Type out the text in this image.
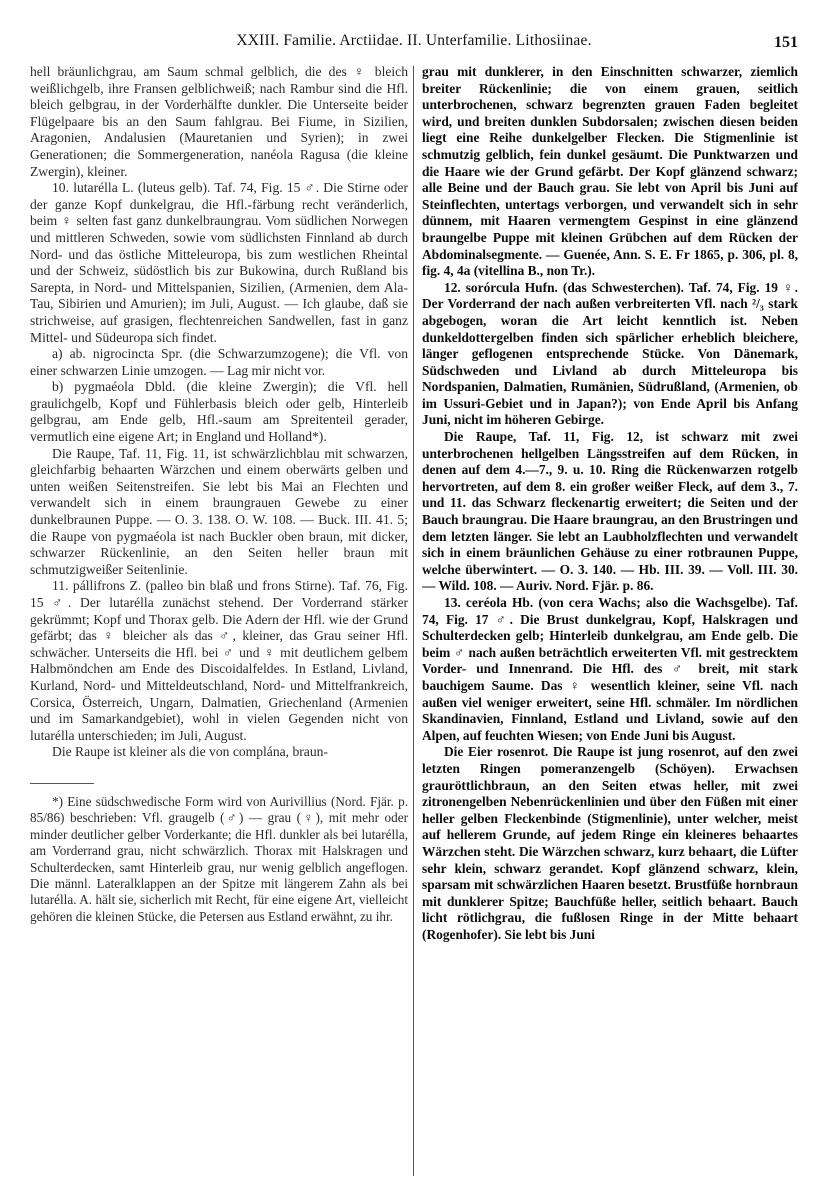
XXIII. Familie. Arctiidae. II. Unterfamilie. Lithosiinae.	151

hell bräunlichgrau, am Saum schmal gelblich, die des ♀ bleich weißlichgelb, ihre Fransen gelblichweiß; nach Rambur sind die Hfl. bleich gelbgrau, in der Vorderhälfte dunkler. Die Unterseite beider Flügelpaare bis an den Saum fahlgrau. Bei Fiume, in Sizilien, Aragonien, Andalusien (Mauretanien und Syrien); in zwei Generationen; die Sommergeneration, nanéola Ragusa (die kleine Zwergin), kleiner.

10. lutarélla L. (luteus gelb). Taf. 74, Fig. 15 ♂. Die Stirne oder der ganze Kopf dunkelgrau, die Hfl.-färbung recht veränderlich, beim ♀ selten fast ganz dunkelbraungrau. Vom südlichen Norwegen und mittleren Schweden, sowie vom südlichsten Finnland ab durch Nord- und das östliche Mitteleuropa, bis zum westlichen Rheintal und der Schweiz, südöstlich bis zur Bukowina, durch Rußland bis Sarepta, in Nord- und Mittelspanien, Sizilien, (Armenien, dem Ala-Tau, Sibirien und Amurien); im Juli, August. — Ich glaube, daß sie strichweise, auf grasigen, flechtenreichen Sandwellen, fast in ganz Mittel- und Südeuropa sich findet.

a) ab. nigrocincta Spr. (die Schwarzumzogene); die Vfl. von einer schwarzen Linie umzogen. — Lag mir nicht vor.

b) pygmaéola Dbld. (die kleine Zwergin); die Vfl. hell graulichgelb, Kopf und Fühlerbasis bleich oder gelb, Hinterleib gelbgrau, am Ende gelb, Hfl.-saum am Spreitenteil gerader, vermutlich eine eigene Art; in England und Holland*).

Die Raupe, Taf. 11, Fig. 11, ist schwärzlichblau mit schwarzen, gleichfarbig behaarten Wärzchen und einem oberwärts gelben und unten weißen Seitenstreifen. Sie lebt bis Mai an Flechten und verwandelt sich in einem braungrauen Gewebe zu einer dunkelbraunen Puppe. — O. 3. 138. O. W. 108. — Buck. III. 41. 5; die Raupe von pygmaéola ist nach Buckler oben braun, mit dicker, schwarzer Rückenlinie, an den Seiten heller braun mit schmutzigweißer Seitenlinie.

11. pállifrons Z. (palleo bin blaß und frons Stirne). Taf. 76, Fig. 15 ♂. Der lutarélla zunächst stehend. Der Vorderrand stärker gekrümmt; Kopf und Thorax gelb. Die Adern der Hfl. wie der Grund gefärbt; das ♀ bleicher als das ♂, kleiner, das Grau seiner Hfl. schwächer. Unterseits die Hfl. bei ♂ und ♀ mit deutlichem gelbem Halbmöndchen am Ende des Discoidalfeldes. In Estland, Livland, Kurland, Nord- und Mitteldeutschland, Nord- und Mittelfrankreich, Corsica, Österreich, Ungarn, Dalmatien, Griechenland (Armenien und im Samarkandgebiet), wohl in vielen Gegenden nicht von lutarélla unterschieden; im Juli, August.

Die Raupe ist kleiner als die von complána, braun-

*) Eine südschwedische Form wird von Aurivillius (Nord. Fjär. p. 85/86) beschrieben: Vfl. graugelb (♂) — grau (♀), mit mehr oder minder deutlicher gelber Vorderkante; die Hfl. dunkler als bei lutarélla, am Vorderrand grau, nicht schwärzlich. Thorax mit Halskragen und Schulterdecken, samt Hinterleib grau, nur wenig gelblich angeflogen. Die männl. Lateralklappen an der Spitze mit längerem Zahn als bei lutarélla. A. hält sie, sicherlich mit Recht, für eine eigene Art, vielleicht gehören die kleinen Stücke, die Petersen aus Estland erwähnt, zu ihr.

grau mit dunklerer, in den Einschnitten schwarzer, ziemlich breiter Rückenlinie; die von einem grauen, seitlich unterbrochenen, schwarz begrenzten grauen Faden begleitet wird, und breiten dunklen Subdorsalen; zwischen diesen beiden liegt eine Reihe dunkelgelber Flecken. Die Stigmenlinie ist schmutzig gelblich, fein dunkel gesäumt. Die Punktwarzen und die Haare wie der Grund gefärbt. Der Kopf glänzend schwarz; alle Beine und der Bauch grau. Sie lebt von April bis Juni auf Steinflechten, untertags verborgen, und verwandelt sich in sehr dünnem, mit Haaren vermengtem Gespinst in eine glänzend braungelbe Puppe mit kleinen Grübchen auf dem Rücken der Abdominalsegmente. — Guenée, Ann. S. E. Fr 1865, p. 306, pl. 8, fig. 4, 4a (vitellina B., non Tr.).

12. sorórcula Hufn. (das Schwesterchen). Taf. 74, Fig. 19 ♀. Der Vorderrand der nach außen verbreiterten Vfl. nach ²/₃ stark abgebogen, woran die Art leicht kenntlich ist. Neben dunkeldottergelben finden sich spärlicher erheblich bleichere, länger geflogenen entsprechende Stücke. Von Dänemark, Südschweden und Livland ab durch Mitteleuropa bis Nordspanien, Dalmatien, Rumänien, Südrußland, (Armenien, ob im Ussuri-Gebiet und in Japan?); von Ende April bis Anfang Juni, nicht im höheren Gebirge.

Die Raupe, Taf. 11, Fig. 12, ist schwarz mit zwei unterbrochenen hellgelben Längsstreifen auf dem Rücken, in denen auf dem 4.—7., 9. u. 10. Ring die Rückenwarzen rotgelb hervortreten, auf dem 8. ein großer weißer Fleck, auf dem 3., 7. und 11. das Schwarz fleckenartig erweitert; die Seiten und der Bauch braungrau. Die Haare braungrau, an den Brustringen und dem letzten länger. Sie lebt an Laubholzflechten und verwandelt sich in einem bräunlichen Gehäuse zu einer rotbraunen Puppe, welche überwintert. — O. 3. 140. — Hb. III. 39. — Voll. III. 30. — Wild. 108. — Auriv. Nord. Fjär. p. 86.

13. ceréola Hb. (von cera Wachs; also die Wachsgelbe). Taf. 74, Fig. 17 ♂. Die Brust dunkelgrau, Kopf, Halskragen und Schulterdecken gelb; Hinterleib dunkelgrau, am Ende gelb. Die beim ♂ nach außen beträchtlich erweiterten Vfl. mit gestrecktem Vorder- und Innenrand. Die Hfl. des ♂ breit, mit stark bauchigem Saume. Das ♀ wesentlich kleiner, seine Vfl. nach außen viel weniger erweitert, seine Hfl. schmäler. Im nördlichen Skandinavien, Finnland, Estland und Livland, sowie auf den Alpen, auf feuchten Wiesen; von Ende Juni bis August.

Die Eier rosenrot. Die Raupe ist jung rosenrot, auf den zwei letzten Ringen pomeranzengelb (Schöyen). Erwachsen grauröttlichbraun, an den Seiten etwas heller, mit zwei zitronengelben Nebenrückenlinien und über den Füßen mit einer heller gelben Fleckenbinde (Stigmenlinie), unter welcher, meist auf hellerem Grunde, auf jedem Ringe ein kleineres behaartes Wärzchen steht. Die Wärzchen schwarz, kurz behaart, die Lüfter sehr klein, schwarz gerandet. Kopf glänzend schwarz, klein, sparsam mit schwärzlichen Haaren besetzt. Brustfüße hornbraun mit dunklerer Spitze; Bauchfüße heller, seitlich behaart. Bauch licht rötlichgrau, die fußlosen Ringe in der Mitte behaart (Rogenhofer). Sie lebt bis Juni
